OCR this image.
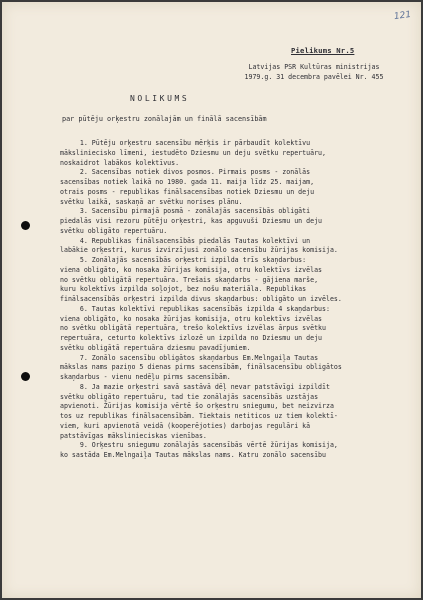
121
Pielikums Nr.5
Latvijas PSR Kultūras ministrijas
1979.g. 31 decembra pavēlei Nr. 455
NOLIKUMS
par pūtēju orķestru zonālajām un finālā sacensībām
1. Pūtēju orķestru sacensību mērķis ir pārbaudīt kolektīvu
mākslinieciskο līmeni, iestudēto Dziesmu un deju svētku repertuāru,
noskaidrot labākos kolektīvus.
2. Sacensības notiek divos posmos. Pirmais posms - zonālās
sacensības notiek laikā no 1980. gada 11. maija līdz 25. maijam,
otrais posms - republikas finālsacensības notiek Dziesmu un deju
svētku laikā, saskaņā ar svētku norises plānu.
3. Sacensību pirmajā posmā - zonālajās sacensībās obligāti
piedalās visi rezoru pūtēju orķestri, kas apguvuši Dziesmu un deju
svētku obligāto repertuāru.
4. Republikas finālsacensībās piedalās Tautas kolektīvi un
labākie orķestri, kurus izvirzījusi zonālo sacensību žūrijas komisija.
5. Zonālajās sacensībās orķestri izpilda trīs skaņdarbus:
viena obligāto, ko nosaka žūrijas komisija, otru kolektīvs izvēlas
no svētku obligātā repertuāra. Trešais skaņdarbs - gājiena marše,
kuru kolektīvs izpilda soļojot, bez nošu materiāla. Republikas
finālsacensībās orķestri izpilda divus skaņdarbus: obligāto un izvēles.
6. Tautas kolektīvi republikas sacensībās izpilda 4 skaņdarbus:
viena obligāto, ko nosaka žūrijas komisija, otru kolektīvs izvēlas
no svētku obligātā repertuāra, trešo kolektīvs izvēlas ārpus svētku
repertuāra, ceturto kolektīvs izlozē un izpilda no Dziesmu un deju
svētku obligātā repertuāra dziesmu pavadījumiem.
7. Zonālo sacensību obligātos skaņdarbus Em.Melngaiļa Tautas
mākslas nams paziņo 5 dienas pirms sacensībām, finālsacensību obligātos
skaņdarbus - vienu nedēļu pirms sacensībām.
8. Ja mazie orķestri savā sastāvā dēļ nevar patstāvīgi izpildīt
svētku obligāto repertuāru, tad tie zonālajās sacensībās uzstājas
apvienoti. Žūrijas komisija vērtē šo orķestru sniegumu, bet neizvirza
tos uz republikas finālsacensībām. Tiektais netiticos uz tiem kolektī-
viem, kuri apvienotā veidā (kooperējoties) darbojas regulāri kā
patstāvīgas mākslinieciskas vienības.
9. Orķestru sniegumu zonālajās sacensībās vērtē žūrijas komisija,
ko sastāda Em.Melngaiļa Tautas mākslas nams. Katru zonālo sacensību
